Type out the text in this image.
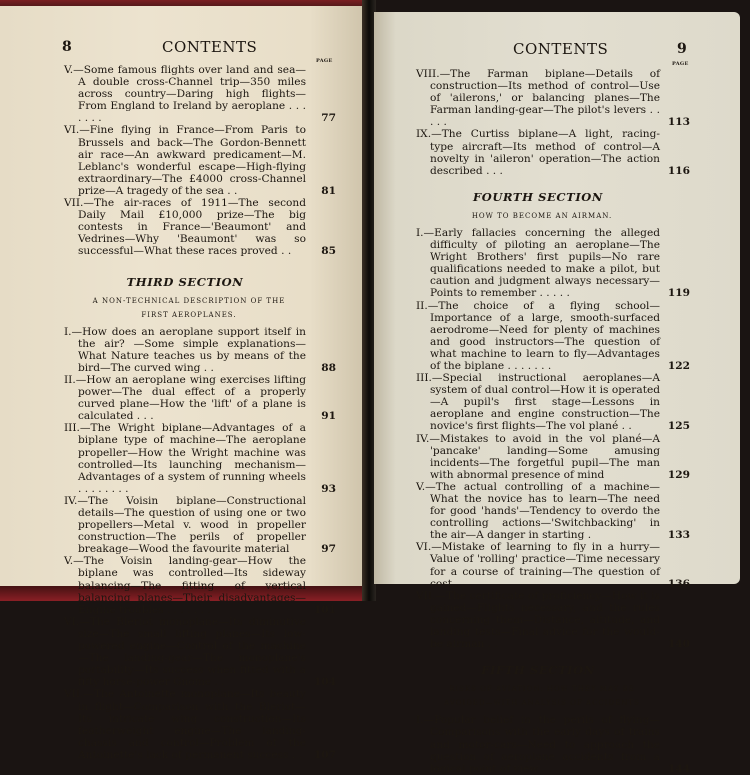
8	CONTENTS
PAGE
V.—Some famous flights over land and sea—A double cross-Channel trip—350 miles across country—Daring high flights—From England to Ireland by aeroplane . . . . . . .	77
VI.—Fine flying in France—From Paris to Brussels and back—The Gordon-Bennett air race—An awkward predicament—M. Leblanc's wonderful escape—High-flying extraordinary—The £4000 cross-Channel prize—A tragedy of the sea . .	81
VII.—The air-races of 1911—The second Daily Mail £10,000 prize—The big contests in France—'Beaumont' and Vedrines—Why 'Beaumont' was so successful—What these races proved . .	85
THIRD SECTION
A NON-TECHNICAL DESCRIPTION OF THE FIRST AEROPLANES.
I.—How does an aeroplane support itself in the air? —Some simple explanations—What Nature teaches us by means of the bird—The curved wing . .	88
II.—How an aeroplane wing exercises lifting power—The dual effect of a properly curved plane—How the 'lift' of a plane is calculated . . .	91
III.—The Wright biplane—Advantages of a biplane type of machine—The aeroplane propeller—How the Wright machine was controlled—Its launching mechanism—Advantages of a system of running wheels . . . . . . . .	93
IV.—The Voisin biplane—Constructional details—The question of using one or two propellers—Metal v. wood in propeller construction—The perils of propeller breakage—Wood the favourite material	97
V.—The Voisin landing-gear—How the biplane was controlled—Its sideway balancing—The fitting of vertical balancing planes—Their disadvantages—Engine troubles . . . . . . .	101
VI.—The Bleriot monoplane—Its diminutive size—The small lifting planes—Its low-powered engine—Control of the machine—The landing-gear—The monoplane's portability—Its success when fitted with a fifty horse-power Gnome . .	104
VII.—The Antoinette monoplane—Its beauty in flight—Comparison with the Bleriot—Its intricate wing construction—Its featherweight engine—The landing-chassis and control—Problem of the Antoinette's lack of permanent success . . 107
CONTENTS	9
PAGE
VIII.—The Farman biplane—Details of construction—Its method of control—Use of 'ailerons,' or balancing planes—The Farman landing-gear—The pilot's levers . . . . .	113
IX.—The Curtiss biplane—A light, racing-type aircraft—Its method of control—A novelty in 'aileron' operation—The action described . . .	116
FOURTH SECTION
HOW TO BECOME AN AIRMAN.
I.—Early fallacies concerning the alleged difficulty of piloting an aeroplane—The Wright Brothers' first pupils—No rare qualifications needed to make a pilot, but caution and judgment always necessary—Points to remember . . . . .	119
II.—The choice of a flying school—Importance of a large, smooth-surfaced aerodrome—Need for plenty of machines and good instructors—The question of what machine to learn to fly—Advantages of the biplane . . . . . . .	122
III.—Special instructional aeroplanes—A system of dual control—How it is operated—A pupil's first stage—Lessons in aeroplane and engine construction—The novice's first flights—The vol plané . .	125
IV.—Mistakes to avoid in the vol plané—A 'pancake' landing—Some amusing incidents—The forgetful pupil—The man with abnormal presence of mind	129
V.—The actual controlling of a machine—What the novice has to learn—The need for good 'hands'—Tendency to overdo the controlling actions—'Switchbacking' in the air—A danger in starting .	133
VI.—Mistake of learning to fly in a hurry—Value of 'rolling' practice—Time necessary for a course of training—The question of cost . . . .	136
VII.—The certificate of proficiency—How it is gained—Flights necessary, and the rules concerning them—Distance, altitude, and landing tests—Final advice for the would-be airman . .	140
FIFTH SECTION
RISKS OF AVIATION: HOW THEY MAY BE AVOIDED—WITH ANALYSIS OF ACCIDENTS
I.—Popular belief in the perils of flying—Comparisons with the early days of trains and motor-cars—Need to approach the question of aeroplane accidents from a logical point of view . . .	144
